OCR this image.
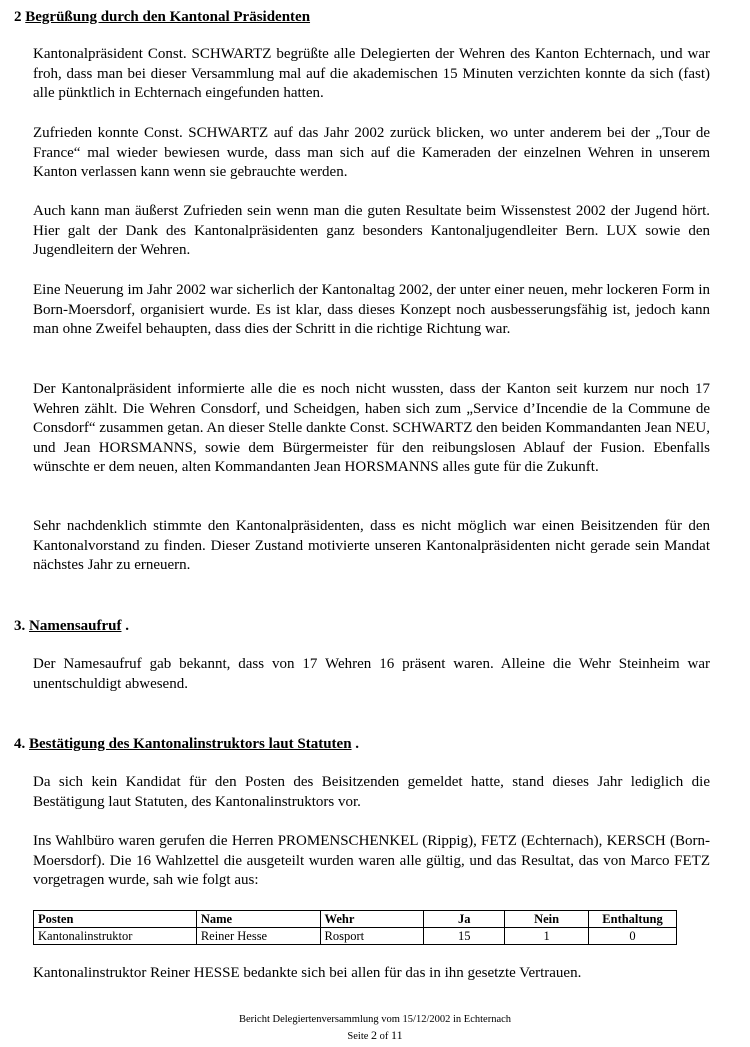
2 Begrüßung durch den Kantonal Präsidenten

Kantonalpräsident Const. SCHWARTZ begrüßte alle Delegierten der Wehren des Kanton Echternach, und war froh, dass man bei dieser Versammlung mal auf die akademischen 15 Minuten verzichten konnte da sich (fast) alle pünktlich in Echternach eingefunden hatten.

Zufrieden konnte Const. SCHWARTZ auf das Jahr 2002 zurück blicken, wo unter anderem bei der „Tour de France“ mal wieder bewiesen wurde, dass man sich auf die Kameraden der einzelnen Wehren in unserem Kanton verlassen kann wenn sie gebrauchte werden.

Auch kann man äußerst Zufrieden sein wenn man die guten Resultate beim Wissenstest 2002 der Jugend hört. Hier galt der Dank des Kantonalpräsidenten ganz besonders Kantonaljugendleiter Bern. LUX sowie den Jugendleitern der Wehren.

Eine Neuerung im Jahr 2002 war sicherlich der Kantonaltag 2002, der unter einer neuen, mehr lockeren Form in Born-Moersdorf, organisiert wurde. Es ist klar, dass dieses Konzept noch ausbesserungsfähig ist, jedoch kann man ohne Zweifel behaupten, dass dies der Schritt in die richtige Richtung war.

Der Kantonalpräsident informierte alle die es noch nicht wussten, dass der Kanton seit kurzem nur noch 17 Wehren zählt. Die Wehren Consdorf, und Scheidgen, haben sich zum „Service d’Incendie de la Commune de Consdorf“ zusammen getan. An dieser Stelle dankte Const. SCHWARTZ den beiden Kommandanten Jean NEU, und Jean HORSMANNS, sowie dem Bürgermeister für den reibungslosen Ablauf der Fusion. Ebenfalls wünschte er dem neuen, alten Kommandanten Jean HORSMANNS alles gute für die Zukunft.

Sehr nachdenklich stimmte den Kantonalpräsidenten, dass es nicht möglich war einen Beisitzenden für den Kantonalvorstand zu finden. Dieser Zustand motivierte unseren Kantonalpräsidenten nicht gerade sein Mandat nächstes Jahr zu erneuern.

3. Namensaufruf .

Der Namesaufruf gab bekannt, dass von 17 Wehren 16 präsent waren. Alleine die Wehr Steinheim war unentschuldigt abwesend.

4. Bestätigung des Kantonalinstruktors laut Statuten .

Da sich kein Kandidat für den Posten des Beisitzenden gemeldet hatte, stand dieses Jahr lediglich die Bestätigung laut Statuten, des Kantonalinstruktors vor.

Ins Wahlbüro waren gerufen die Herren PROMENSCHENKEL (Rippig), FETZ (Echternach), KERSCH (Born-Moersdorf). Die 16 Wahlzettel die ausgeteilt wurden waren alle gültig, und das Resultat, das von Marco FETZ vorgetragen wurde, sah wie folgt aus:

Posten	Name	Wehr	Ja	Nein	Enthaltung
Kantonalinstruktor	Reiner Hesse	Rosport	15	1	0

Kantonalinstruktor Reiner HESSE bedankte sich bei allen für das in ihn gesetzte Vertrauen.

Bericht Delegiertenversammlung vom 15/12/2002 in Echternach
Seite 2 of 11
